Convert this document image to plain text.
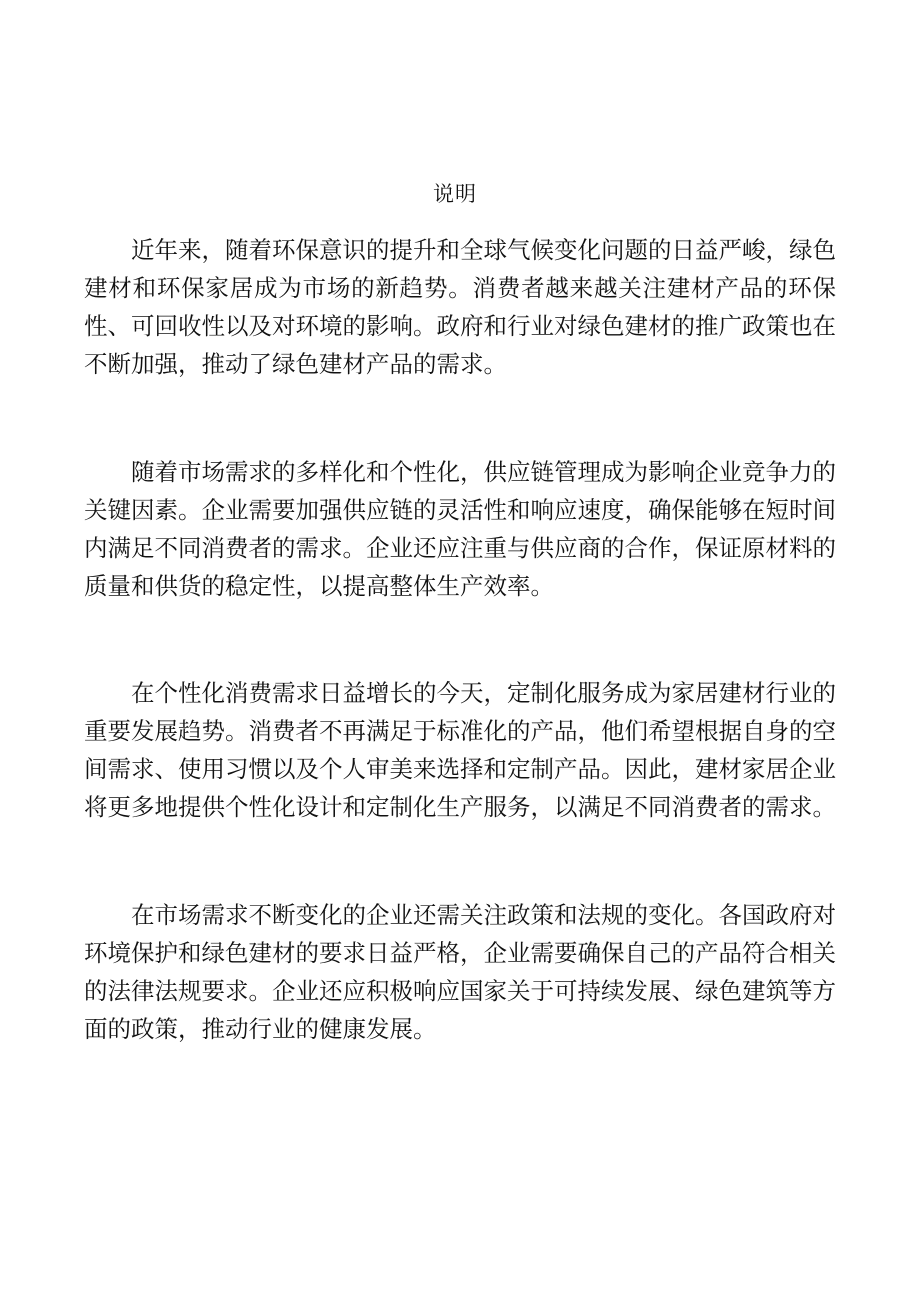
说明

近年来，随着环保意识的提升和全球气候变化问题的日益严峻，绿色建材和环保家居成为市场的新趋势。消费者越来越关注建材产品的环保性、可回收性以及对环境的影响。政府和行业对绿色建材的推广政策也在不断加强，推动了绿色建材产品的需求。

随着市场需求的多样化和个性化，供应链管理成为影响企业竞争力的关键因素。企业需要加强供应链的灵活性和响应速度，确保能够在短时间内满足不同消费者的需求。企业还应注重与供应商的合作，保证原材料的质量和供货的稳定性，以提高整体生产效率。

在个性化消费需求日益增长的今天，定制化服务成为家居建材行业的重要发展趋势。消费者不再满足于标准化的产品，他们希望根据自身的空间需求、使用习惯以及个人审美来选择和定制产品。因此，建材家居企业将更多地提供个性化设计和定制化生产服务，以满足不同消费者的需求。

在市场需求不断变化的企业还需关注政策和法规的变化。各国政府对环境保护和绿色建材的要求日益严格，企业需要确保自己的产品符合相关的法律法规要求。企业还应积极响应国家关于可持续发展、绿色建筑等方面的政策，推动行业的健康发展。
